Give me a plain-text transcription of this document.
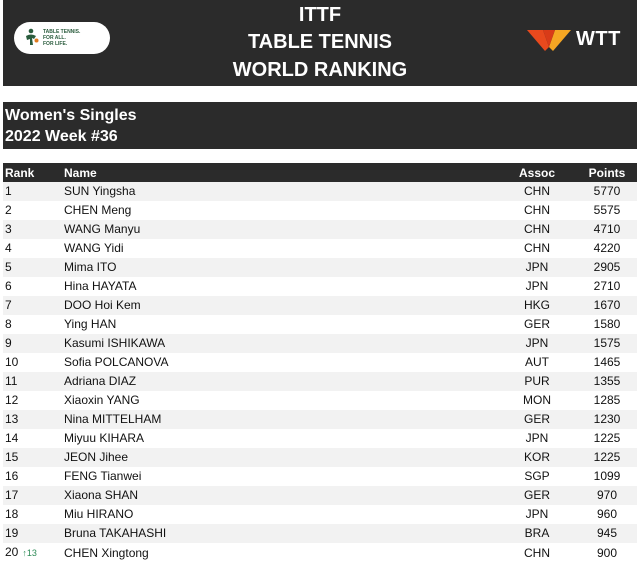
TABLE TENNIS.
FOR ALL.
FOR LIFE.
ITTF
TABLE TENNIS
WORLD RANKING
WTT
Women's Singles
2022 Week #36
Rank	Name	Assoc	Points
1	SUN Yingsha	CHN	5770
2	CHEN Meng	CHN	5575
3	WANG Manyu	CHN	4710
4	WANG Yidi	CHN	4220
5	Mima ITO	JPN	2905
6	Hina HAYATA	JPN	2710
7	DOO Hoi Kem	HKG	1670
8	Ying HAN	GER	1580
9	Kasumi ISHIKAWA	JPN	1575
10	Sofia POLCANOVA	AUT	1465
11	Adriana DIAZ	PUR	1355
12	Xiaoxin YANG	MON	1285
13	Nina MITTELHAM	GER	1230
14	Miyuu KIHARA	JPN	1225
15	JEON Jihee	KOR	1225
16	FENG Tianwei	SGP	1099
17	Xiaona SHAN	GER	970
18	Miu HIRANO	JPN	960
19	Bruna TAKAHASHI	BRA	945
20 ↑13	CHEN Xingtong	CHN	900
